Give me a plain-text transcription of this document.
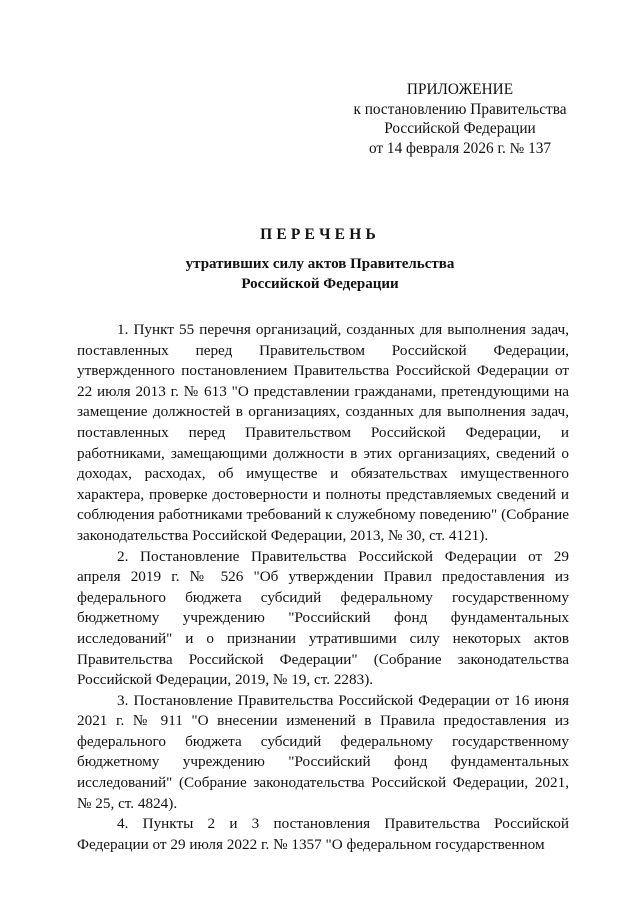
ПРИЛОЖЕНИЕ
к постановлению Правительства
Российской Федерации
от 14 февраля 2026 г. № 137
ПЕРЕЧЕНЬ
утративших силу актов Правительства
Российской Федерации

1. Пункт 55 перечня организаций, созданных для выполнения задач, поставленных перед Правительством Российской Федерации, утвержденного постановлением Правительства Российской Федерации от 22 июля 2013 г. № 613 "О представлении гражданами, претендующими на замещение должностей в организациях, созданных для выполнения задач, поставленных перед Правительством Российской Федерации, и работниками, замещающими должности в этих организациях, сведений о доходах, расходах, об имуществе и обязательствах имущественного характера, проверке достоверности и полноты представляемых сведений и соблюдения работниками требований к служебному поведению" (Собрание законодательства Российской Федерации, 2013, № 30, ст. 4121).

2. Постановление Правительства Российской Федерации от 29 апреля 2019 г. № 526 "Об утверждении Правил предоставления из федерального бюджета субсидий федеральному государственному бюджетному учреждению "Российский фонд фундаментальных исследований" и о признании утратившими силу некоторых актов Правительства Российской Федерации" (Собрание законодательства Российской Федерации, 2019, № 19, ст. 2283).

3. Постановление Правительства Российской Федерации от 16 июня 2021 г. № 911 "О внесении изменений в Правила предоставления из федерального бюджета субсидий федеральному государственному бюджетному учреждению "Российский фонд фундаментальных исследований" (Собрание законодательства Российской Федерации, 2021, № 25, ст. 4824).

4. Пункты 2 и 3 постановления Правительства Российской Федерации от 29 июля 2022 г. № 1357 "О федеральном государственном
